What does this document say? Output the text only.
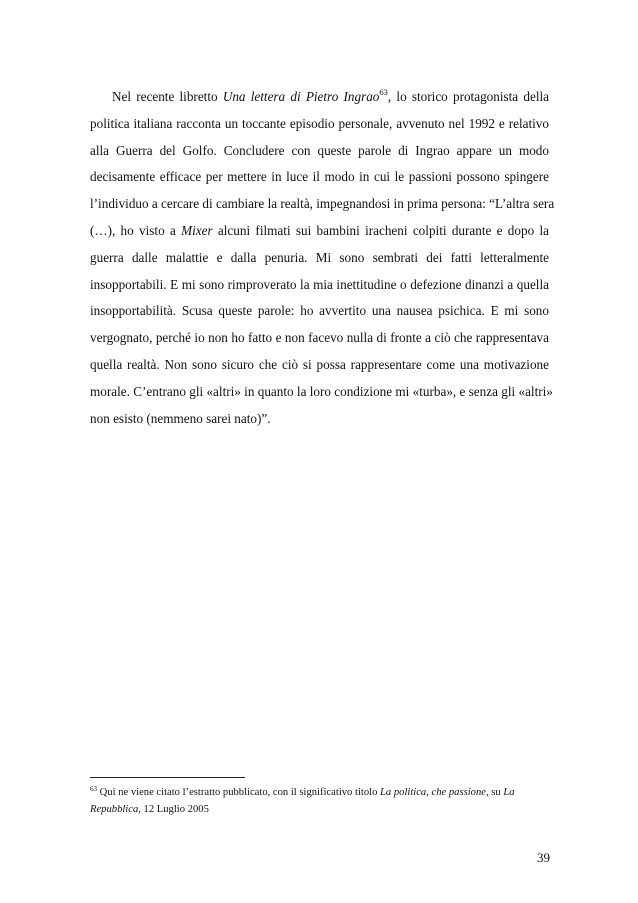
Nel recente libretto Una lettera di Pietro Ingrao$^{63}$, lo storico protagonista della
politica italiana racconta un toccante episodio personale, avvenuto nel 1992 e relativo
alla Guerra del Golfo. Concludere con queste parole di Ingrao appare un modo
decisamente efficace per mettere in luce il modo in cui le passioni possono spingere
l’individuo a cercare di cambiare la realtà, impegnandosi in prima persona: “L’altra sera
(…), ho visto a Mixer alcuni filmati sui bambini iracheni colpiti durante e dopo la
guerra dalle malattie e dalla penuria. Mi sono sembrati dei fatti letteralmente
insopportabili. E mi sono rimproverato la mia inettitudine o defezione dinanzi a quella
insopportabilità. Scusa queste parole: ho avvertito una nausea psichica. E mi sono
vergognato, perché io non ho fatto e non facevo nulla di fronte a ciò che rappresentava
quella realtà. Non sono sicuro che ciò si possa rappresentare come una motivazione
morale. C’entrano gli «altri» in quanto la loro condizione mi «turba», e senza gli «altri»
non esisto (nemmeno sarei nato)”.

$^{63}$ Qui ne viene citato l’estratto pubblicato, con il significativo titolo La politica, che passione, su La
Repubblica, 12 Luglio 2005

39
